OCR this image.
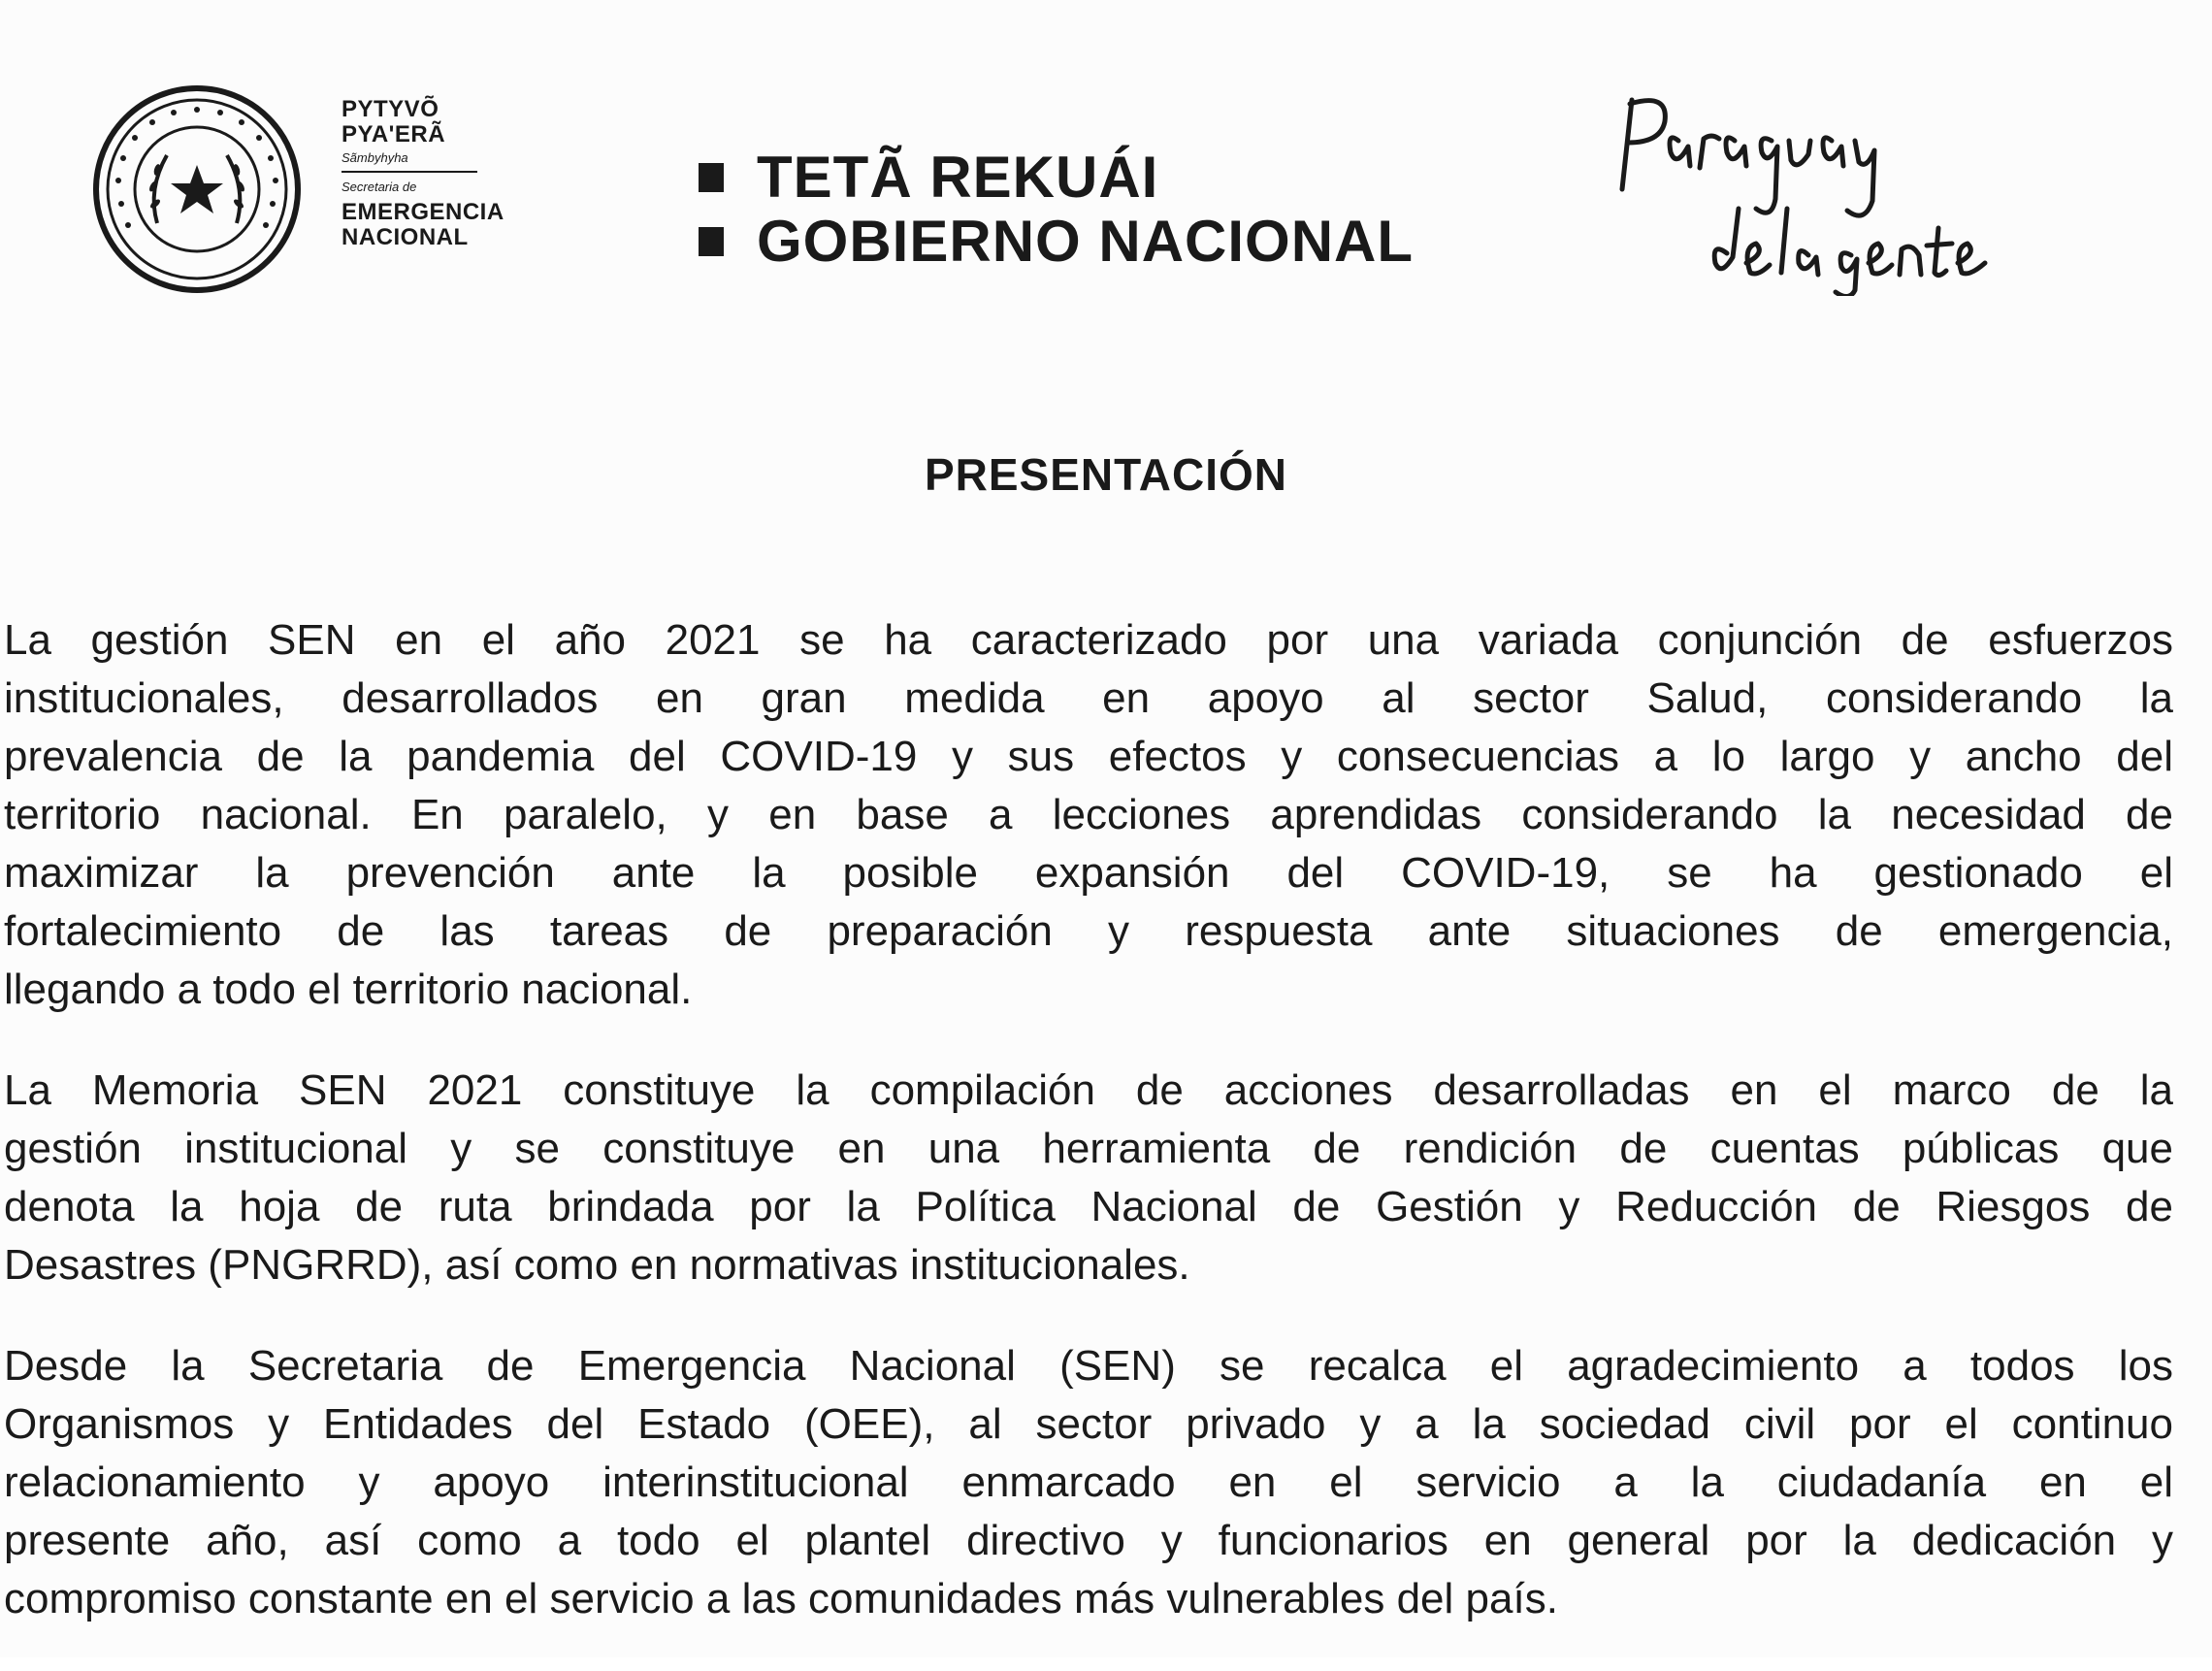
PYTYVÕ
PYA'ERÃ
Sãmbyhyha
Secretaria de
EMERGENCIA
NACIONAL
TETÃ REKUÁI
GOBIERNO NACIONAL
PRESENTACIÓN
La gestión SEN en el año 2021 se ha caracterizado por una variada conjunción de esfuerzos
institucionales, desarrollados en gran medida en apoyo al sector Salud, considerando la
prevalencia de la pandemia del COVID-19 y sus efectos y consecuencias a lo largo y ancho del
territorio nacional. En paralelo, y en base a lecciones aprendidas considerando la necesidad de
maximizar la prevención ante la posible expansión del COVID-19, se ha gestionado el
fortalecimiento de las tareas de preparación y respuesta ante situaciones de emergencia,
llegando a todo el territorio nacional.
La Memoria SEN 2021 constituye la compilación de acciones desarrolladas en el marco de la
gestión institucional y se constituye en una herramienta de rendición de cuentas públicas que
denota la hoja de ruta brindada por la Política Nacional de Gestión y Reducción de Riesgos de
Desastres (PNGRRD), así como en normativas institucionales.
Desde la Secretaria de Emergencia Nacional (SEN) se recalca el agradecimiento a todos los
Organismos y Entidades del Estado (OEE), al sector privado y a la sociedad civil por el continuo
relacionamiento y apoyo interinstitucional enmarcado en el servicio a la ciudadanía en el
presente año, así como a todo el plantel directivo y funcionarios en general por la dedicación y
compromiso constante en el servicio a las comunidades más vulnerables del país.
